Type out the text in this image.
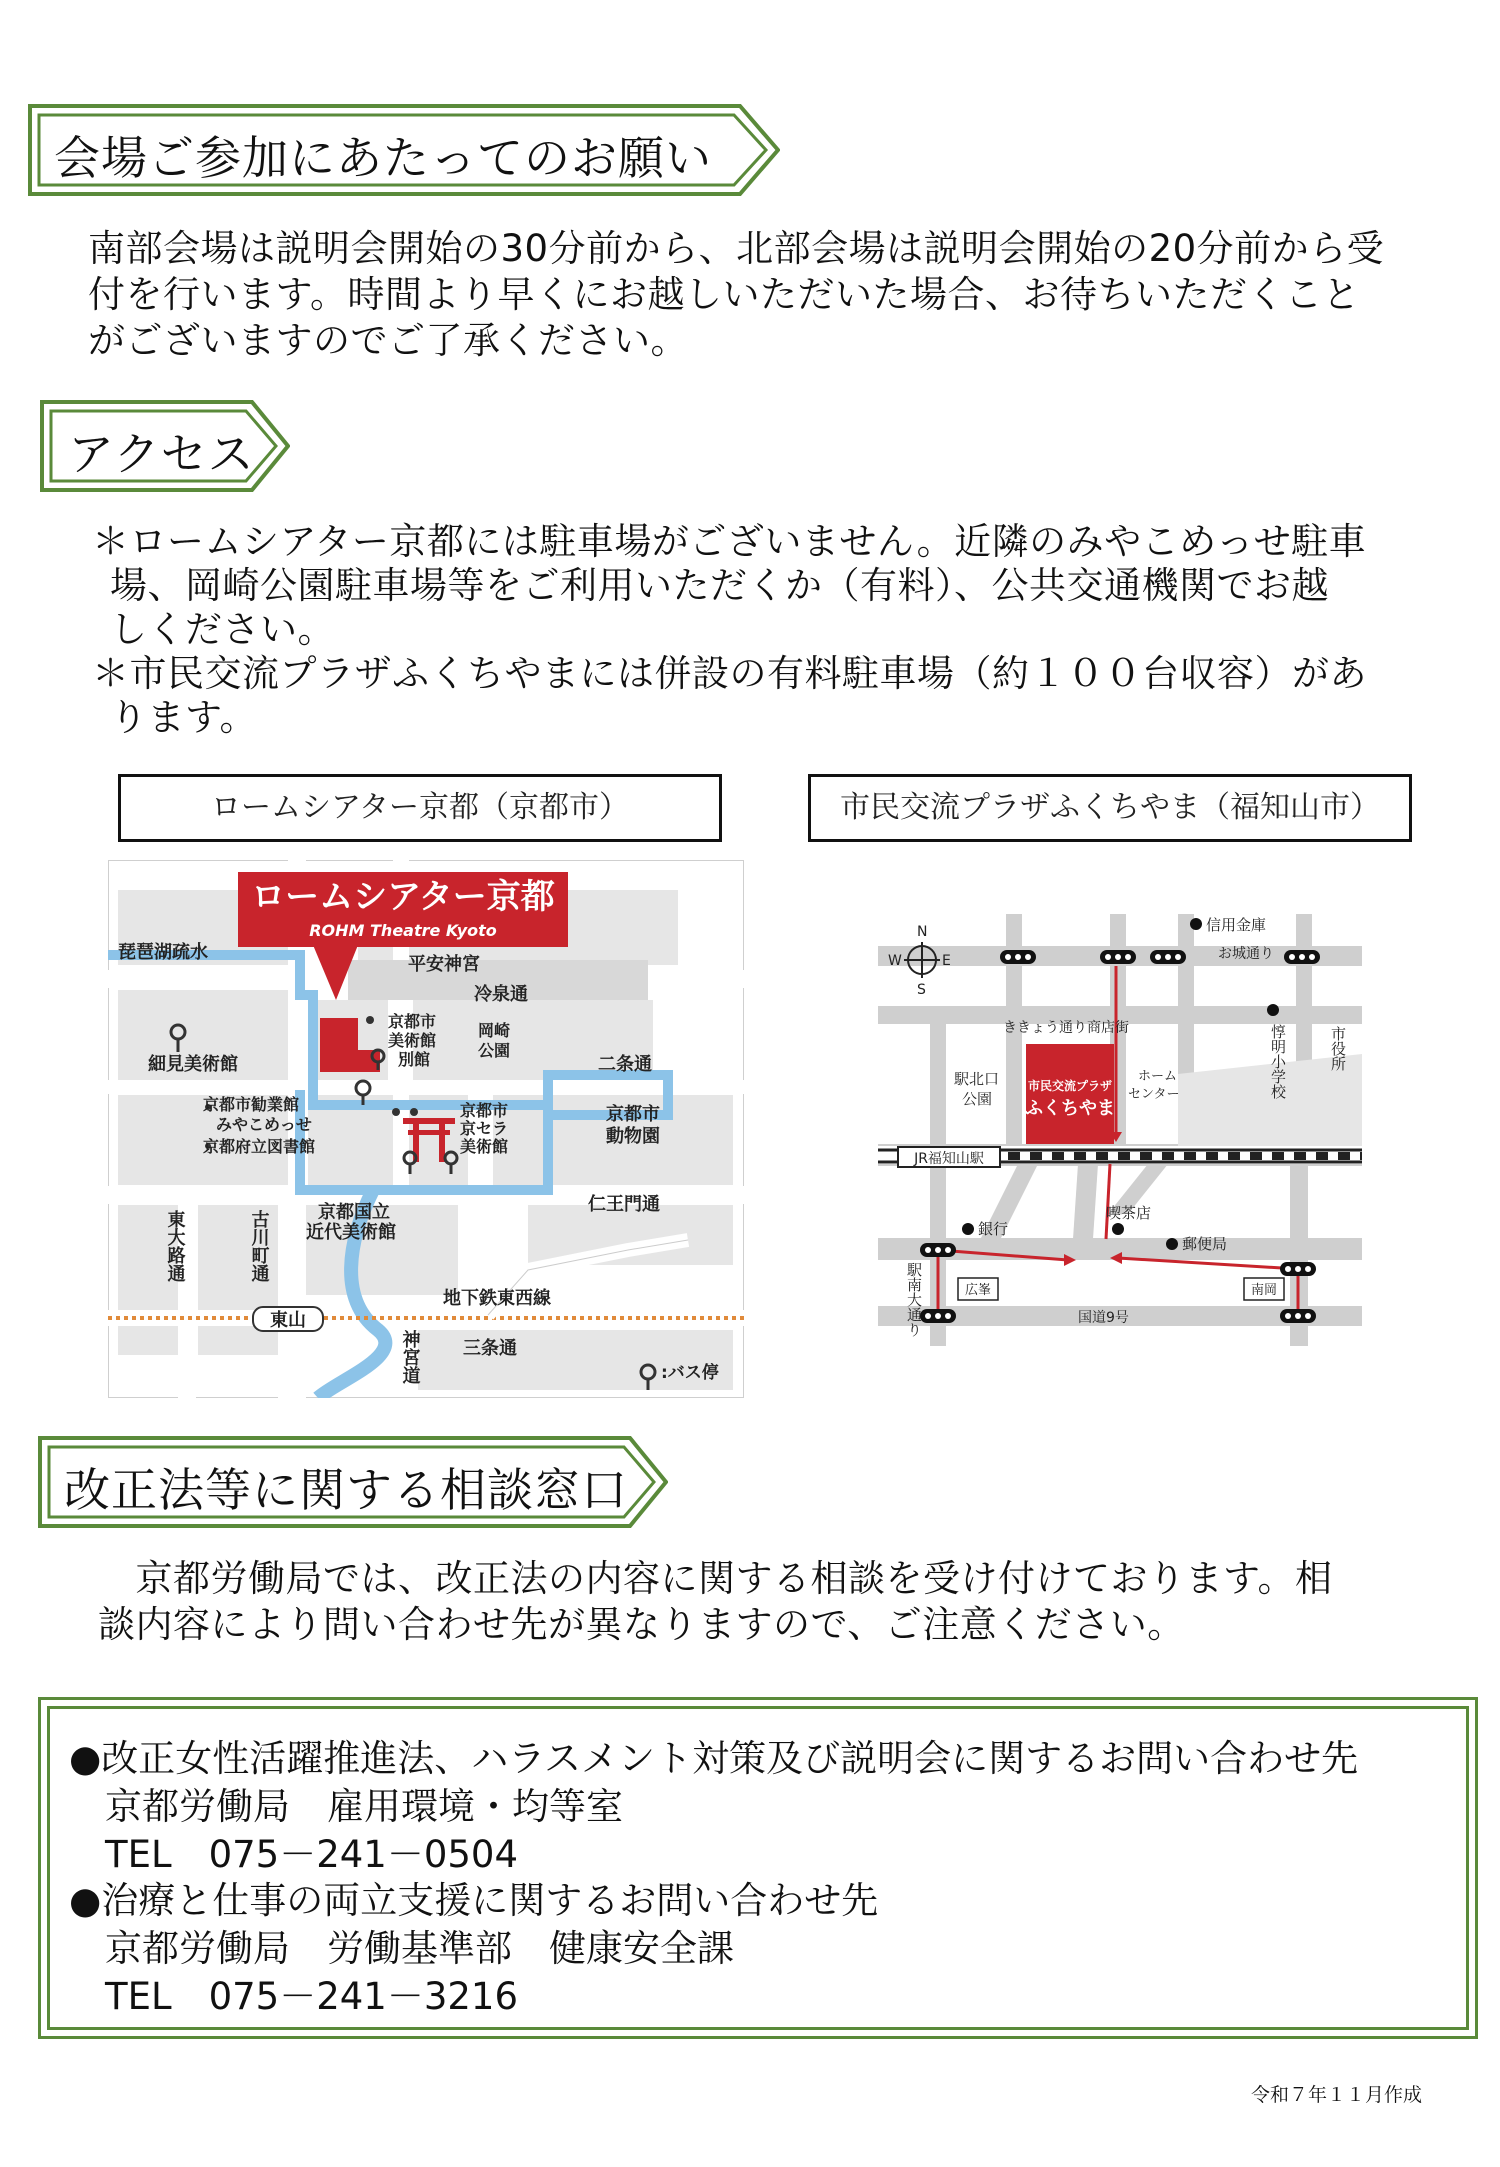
会場ご参加にあたってのお願い

南部会場は説明会開始の30分前から、北部会場は説明会開始の20分前から受

付を行います。時間より早くにお越しいただいた場合、お待ちいただくこと

がございますのでご了承ください。

アクセス

＊ロームシアター京都には駐車場がございません。近隣のみやこめっせ駐車

場、岡崎公園駐車場等をご利用いただくか（有料）、公共交通機関でお越

しください。

＊市民交流プラザふくちやまには併設の有料駐車場（約１００台収容）があ

ります。

ロームシアター京都（京都市）	市民交流プラザふくちやま（福知山市）
ロームシアター京都
ROHM Theatre Kyoto
琵琶湖疏水
平安神宮
冷泉通
細見美術館
京都市
美術館
別館
岡崎
公園
二条通
京都市勧業館
みやこめっせ
京都府立図書館
京都市
京セラ
美術館
京都市
動物園
京都国立
近代美術館
仁王門通
地下鉄東西線
三条通
:バス停
東大路通	古川町通
神宮道
東山
市民交流プラザ
ふくちやま
N
W	E
S
信用金庫
お城通り
ききょう通り商店街
駅北口
公園
ホーム
センター
銀行
喫茶店
郵便局
国道9号
JR福知山駅
広峯	南岡
惇明小学校	市役所
駅南大通り
改正法等に関する相談窓口

　京都労働局では、改正法の内容に関する相談を受け付けております。相

談内容により問い合わせ先が異なりますので、ご注意ください。

●改正女性活躍推進法、ハラスメント対策及び説明会に関するお問い合わせ先
京都労働局　雇用環境・均等室
TEL　075－241－0504
●治療と仕事の両立支援に関するお問い合わせ先
京都労働局　労働基準部　健康安全課
TEL　075－241－3216
令和７年１１月作成
